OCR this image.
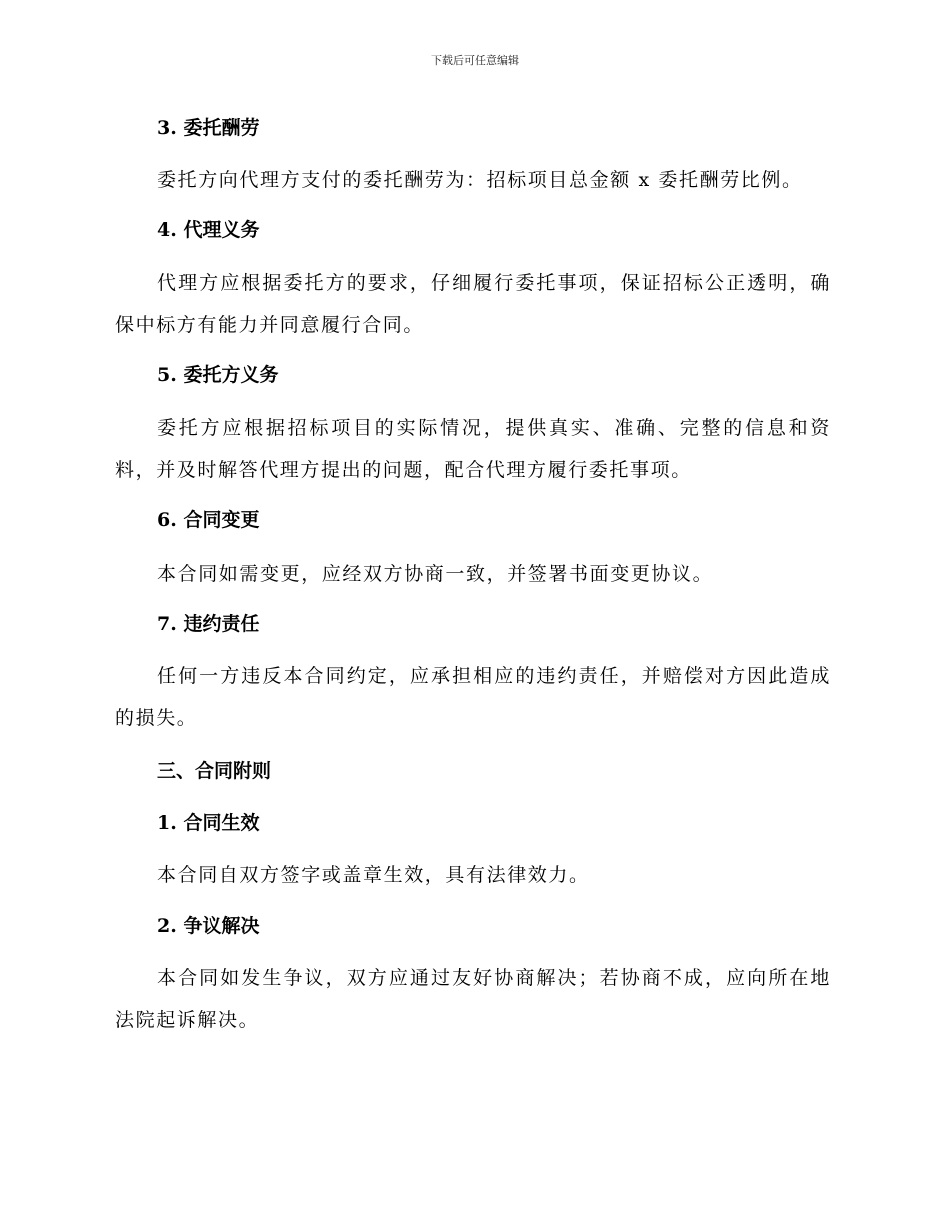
下载后可任意编辑
3. 委托酬劳
委托方向代理方支付的委托酬劳为：招标项目总金额 x 委托酬劳比例。
4. 代理义务
代理方应根据委托方的要求，仔细履行委托事项，保证招标公正透明，确保中标方有能力并同意履行合同。
5. 委托方义务
委托方应根据招标项目的实际情况，提供真实、准确、完整的信息和资料，并及时解答代理方提出的问题，配合代理方履行委托事项。
6. 合同变更
本合同如需变更，应经双方协商一致，并签署书面变更协议。
7. 违约责任
任何一方违反本合同约定，应承担相应的违约责任，并赔偿对方因此造成的损失。
三、合同附则
1. 合同生效
本合同自双方签字或盖章生效，具有法律效力。
2. 争议解决
本合同如发生争议，双方应通过友好协商解决；若协商不成，应向所在地法院起诉解决。
